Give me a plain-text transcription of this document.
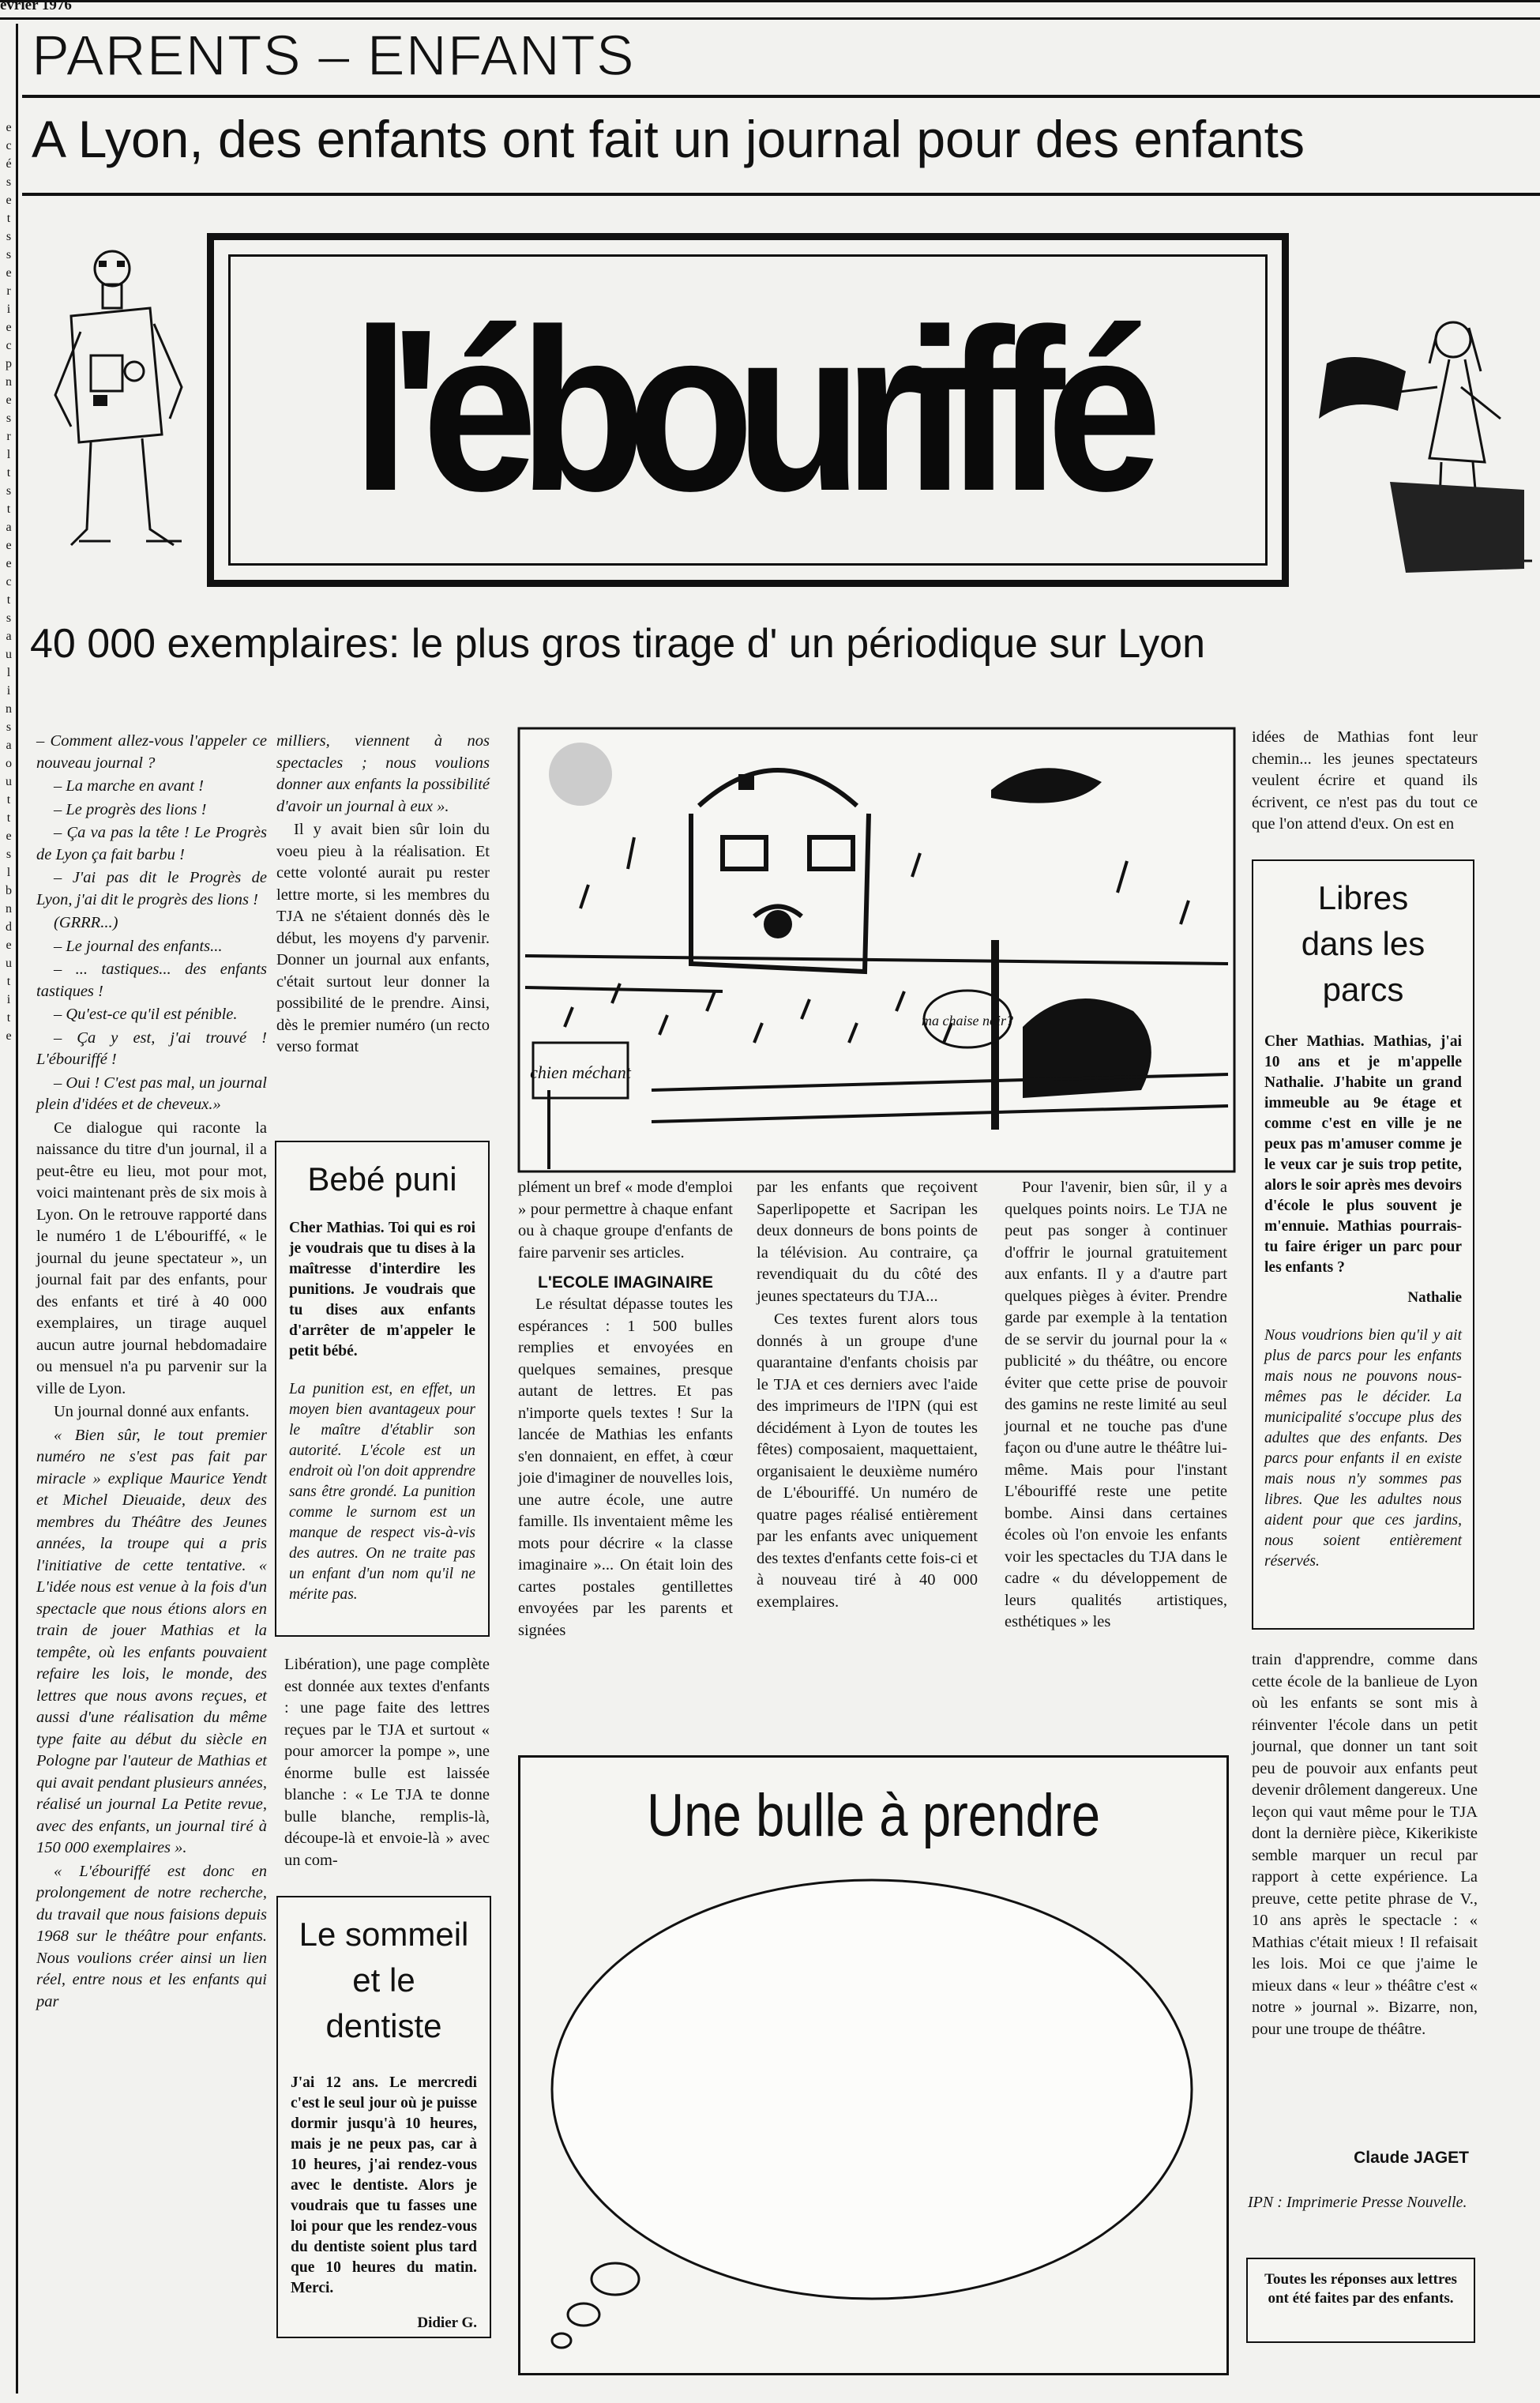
évrier 1976
e
c
é
s
e
t
s
s
e
r
i
e
c
p
n
e
s
r
l
t
s
t
a
e
e
c
t
s
a
u
l
i
n
s
a
o
u
t
t
e
s
l
b
n
d
e
u
t
i
t
e
PARENTS – ENFANTS
A Lyon, des enfants ont fait un journal pour des enfants
l'ébouriffé
40 000 exemplaires: le plus gros tirage d' un périodique sur Lyon

– Comment allez-vous l'appeler ce nouveau journal ?

– La marche en avant !

– Le progrès des lions !

– Ça va pas la tête ! Le Progrès de Lyon ça fait barbu !

– J'ai pas dit le Progrès de Lyon, j'ai dit le progrès des lions !

(GRRR...)

– Le journal des enfants...

– ... tastiques... des enfants tastiques !

– Qu'est-ce qu'il est pénible.

– Ça y est, j'ai trouvé ! L'ébouriffé !

– Oui ! C'est pas mal, un journal plein d'idées et de cheveux.»

Ce dialogue qui raconte la naissance du titre d'un journal, il a peut-être eu lieu, mot pour mot, voici maintenant près de six mois à Lyon. On le retrouve rapporté dans le numéro 1 de L'ébouriffé, « le journal du jeune spectateur », un journal fait par des enfants, pour des enfants et tiré à 40 000 exemplaires, un tirage auquel aucun autre journal hebdomadaire ou mensuel n'a pu parvenir sur la ville de Lyon.

Un journal donné aux enfants.

« Bien sûr, le tout premier numéro ne s'est pas fait par miracle » explique Maurice Yendt et Michel Dieuaide, deux des membres du Théâtre des Jeunes années, la troupe qui a pris l'initiative de cette tentative. « L'idée nous est venue à la fois d'un spectacle que nous étions alors en train de jouer Mathias et la tempête, où les enfants pouvaient refaire les lois, le monde, des lettres que nous avons reçues, et aussi d'une réalisation du même type faite au début du siècle en Pologne par l'auteur de Mathias et qui avait pendant plusieurs années, réalisé un journal La Petite revue, avec des enfants, un journal tiré à 150 000 exemplaires ».

« L'ébouriffé est donc en prolongement de notre recherche, du travail que nous faisions depuis 1968 sur le théâtre pour enfants. Nous voulions créer ainsi un lien réel, entre nous et les enfants qui par

milliers, viennent à nos spectacles ; nous voulions donner aux enfants la possibilité d'avoir un journal à eux ».

Il y avait bien sûr loin du voeu pieu à la réalisation. Et cette volonté aurait pu rester lettre morte, si les membres du TJA ne s'étaient donnés dès le début, les moyens d'y parvenir. Donner un journal aux enfants, c'était surtout leur donner la possibilité de le prendre. Ainsi, dès le premier numéro (un recto verso format

Bebé puni
Cher Mathias. Toi qui es roi je voudrais que tu dises à la maîtresse d'interdire les punitions. Je voudrais que tu dises aux enfants d'arrêter de m'appeler le petit bébé.
La punition est, en effet, un moyen bien avantageux pour le maître d'établir son autorité. L'école est un endroit où l'on doit apprendre sans être grondé. La punition comme le surnom est un manque de respect vis-à-vis des autres. On ne traite pas un enfant d'un nom qu'il ne mérite pas.

Libération), une page complète est donnée aux textes d'enfants : une page faite des lettres reçues par le TJA et surtout « pour amorcer la pompe », une énorme bulle est laissée blanche : « Le TJA te donne bulle blanche, remplis-là, découpe-là et envoie-là » avec un com-

Le sommeil
et le dentiste
J'ai 12 ans. Le mercredi c'est le seul jour où je puisse dormir jusqu'à 10 heures, mais je ne peux pas, car à 10 heures, j'ai rendez-vous avec le dentiste. Alors je voudrais que tu fasses une loi pour que les rendez-vous du dentiste soient plus tard que 10 heures du matin. Merci.
Didier G.
chien méchant
ma chaise noir?

plément un bref « mode d'emploi » pour permettre à chaque enfant ou à chaque groupe d'enfants de faire parvenir ses articles.

L'ECOLE IMAGINAIRE

Le résultat dépasse toutes les espérances : 1 500 bulles remplies et envoyées en quelques semaines, presque autant de lettres. Et pas n'importe quels textes ! Sur la lancée de Mathias les enfants s'en donnaient, en effet, à cœur joie d'imaginer de nouvelles lois, une autre école, une autre famille. Ils inventaient même les mots pour décrire « la classe imaginaire »... On était loin des cartes postales gentillettes envoyées par les parents et signées

par les enfants que reçoivent Saperlipopette et Sacripan les deux donneurs de bons points de la télévision. Au contraire, ça revendiquait du du côté des jeunes spectateurs du TJA...

Ces textes furent alors tous donnés à un groupe d'une quarantaine d'enfants choisis par le TJA et ces derniers avec l'aide des imprimeurs de l'IPN (qui est décidément à Lyon de toutes les fêtes) composaient, maquettaient, organisaient le deuxième numéro de L'ébouriffé. Un numéro de quatre pages réalisé entièrement par les enfants avec uniquement des textes d'enfants cette fois-ci et à nouveau tiré à 40 000 exemplaires.

Pour l'avenir, bien sûr, il y a quelques points noirs. Le TJA ne peut pas songer à continuer d'offrir le journal gratuitement aux enfants. Il y a d'autre part quelques pièges à éviter. Prendre garde par exemple à la tentation de se servir du journal pour la « publicité » du théâtre, ou encore éviter que cette prise de pouvoir des gamins ne reste limité au seul journal et ne touche pas d'une façon ou d'une autre le théâtre lui-même. Mais pour l'instant L'ébouriffé reste une petite bombe. Ainsi dans certaines écoles où l'on envoie les enfants voir les spectacles du TJA dans le cadre « du développement de leurs qualités artistiques, esthétiques » les

idées de Mathias font leur chemin... les jeunes spectateurs veulent écrire et quand ils écrivent, ce n'est pas du tout ce que l'on attend d'eux. On est en

Libres
dans les parcs
Cher Mathias. Mathias, j'ai 10 ans et je m'appelle Nathalie. J'habite un grand immeuble au 9e étage et comme c'est en ville je ne peux pas m'amuser comme je le veux car je suis trop petite, alors le soir après mes devoirs d'école le plus souvent je m'ennuie. Mathias pourrais-tu faire ériger un parc pour les enfants ?
Nathalie
Nous voudrions bien qu'il y ait plus de parcs pour les enfants mais nous ne pouvons nous-mêmes pas le décider. La municipalité s'occupe plus des adultes que des enfants. Des parcs pour enfants il en existe mais nous n'y sommes pas libres. Que les adultes nous aident pour que ces jardins, nous soient entièrement réservés.

train d'apprendre, comme dans cette école de la banlieue de Lyon où les enfants se sont mis à réinventer l'école dans un petit journal, que donner un tant soit peu de pouvoir aux enfants peut devenir drôlement dangereux. Une leçon qui vaut même pour le TJA dont la dernière pièce, Kikerikiste semble marquer un recul par rapport à cette expérience. La preuve, cette petite phrase de V., 10 ans après le spectacle : « Mathias c'était mieux ! Il refaisait les lois. Moi ce que j'aime le mieux dans « leur » théâtre c'est « notre » journal ». Bizarre, non, pour une troupe de théâtre.

Claude JAGET
IPN : Imprimerie Presse Nouvelle.
Une bulle à prendre
Toutes les réponses aux lettres ont été faites par des enfants.
